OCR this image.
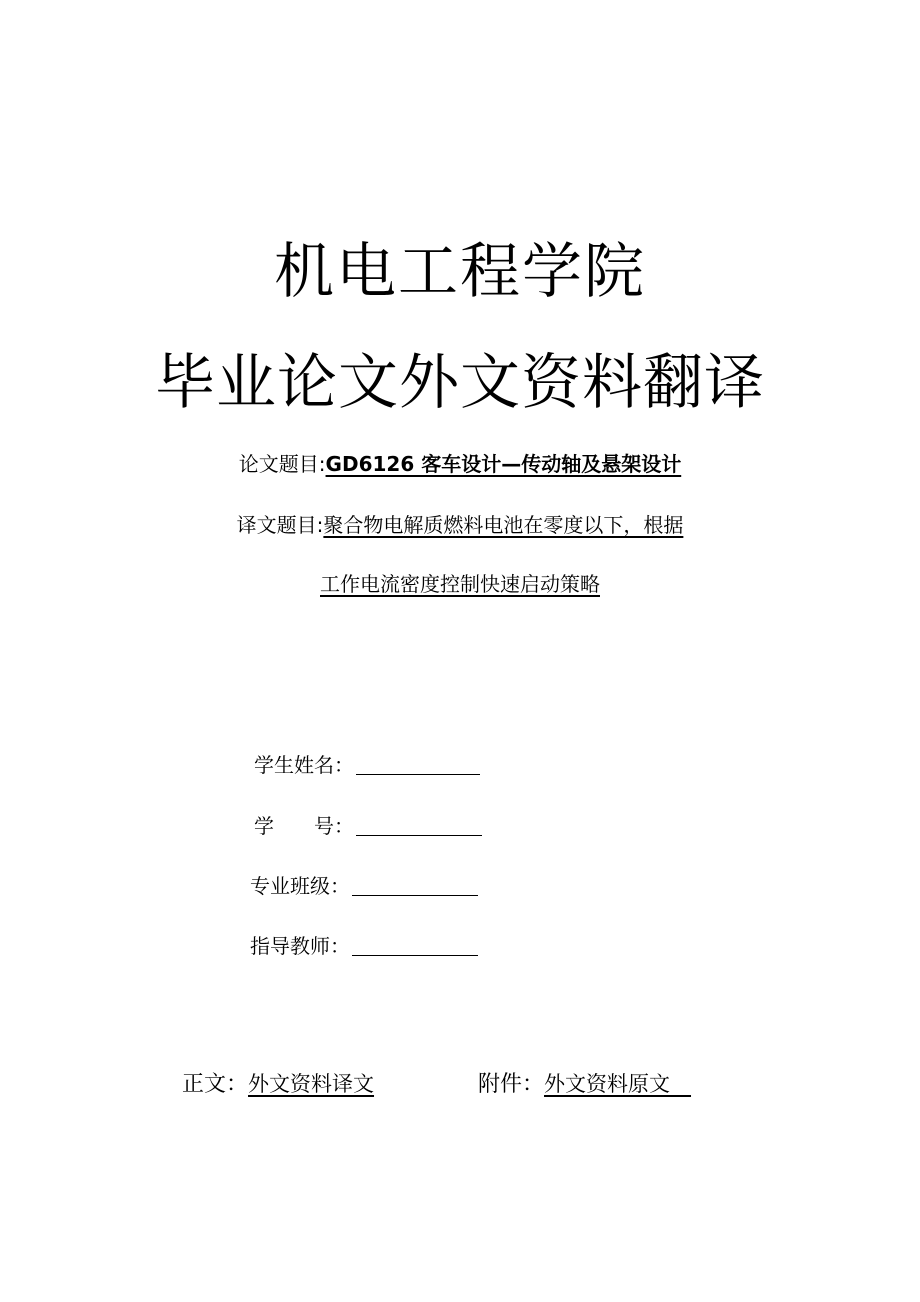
机电工程学院
毕业论文外文资料翻译
论文题目:GD6126 客车设计—传动轴及悬架设计
译文题目:聚合物电解质燃料电池在零度以下，根据
工作电流密度控制快速启动策略
学生姓名：
学　　号：
专业班级：
指导教师：
正文：外文资料译文	附件：外文资料原文　
